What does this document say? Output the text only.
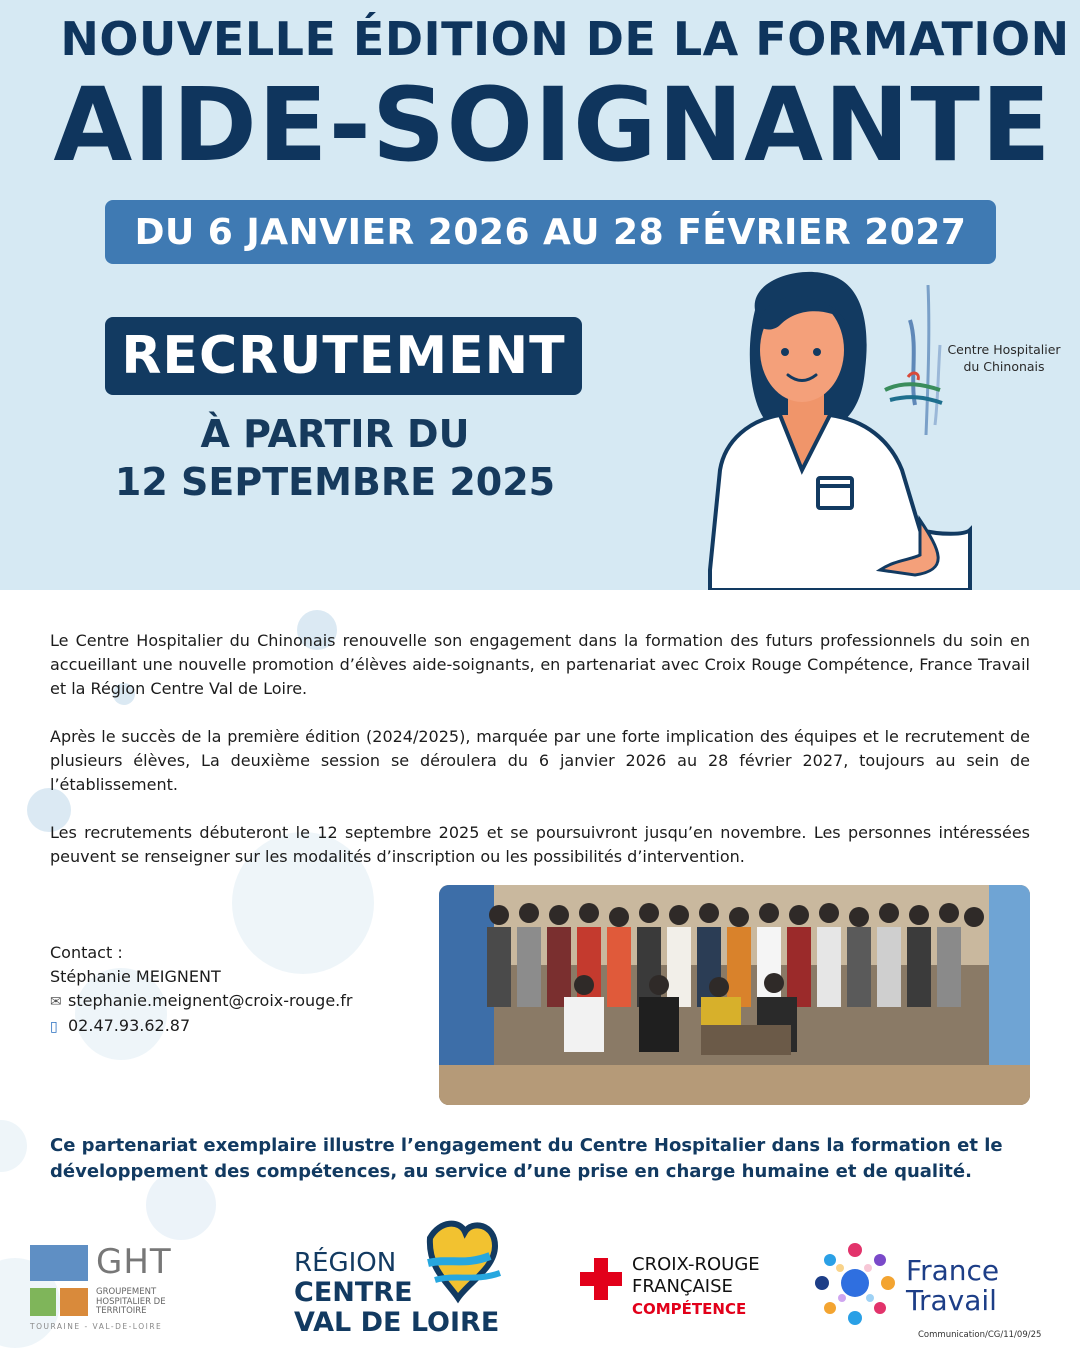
NOUVELLE ÉDITION DE LA FORMATION
AIDE-SOIGNANTE
DU 6 JANVIER 2026 AU 28 FÉVRIER 2027
RECRUTEMENT
À PARTIR DU
12 SEPTEMBRE 2025
Centre Hospitalier
du Chinonais

Le Centre Hospitalier du Chinonais renouvelle son engagement dans la formation des futurs professionnels du soin en accueillant une nouvelle promotion d’élèves aide-soignants, en partenariat avec Croix Rouge Compétence, France Travail et la Région Centre Val de Loire.

Après le succès de la première édition (2024/2025), marquée par une forte implication des équipes et le recrutement de plusieurs élèves, La deuxième session se déroulera du 6 janvier 2026 au 28 février 2027, toujours au sein de l’établissement.

Les recrutements débuteront le 12 septembre 2025 et se poursuivront jusqu’en novembre. Les personnes intéressées peuvent se renseigner sur les modalités d’inscription ou les possibilités d’intervention.

Contact :
Stéphanie MEIGNENT
✉ stephanie.meignent@croix-rouge.fr
▯ 02.47.93.62.87
Ce partenariat exemplaire illustre l’engagement du Centre Hospitalier dans la formation et le développement des compétences, au service d’une prise en charge humaine et de qualité.
GHT
GROUPEMENT
HOSPITALIER DE
TERRITOIRE
TOURAINE - VAL-DE-LOIRE
RÉGION
CENTRE
VAL DE LOIRE
CROIX-ROUGE
FRANÇAISE
COMPÉTENCE
France
Travail
Communication/CG/11/09/25
